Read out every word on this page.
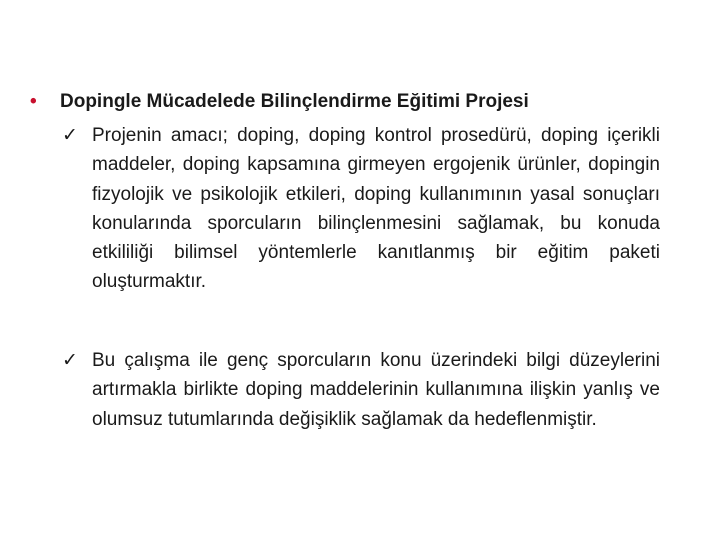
• Dopingle Mücadelede Bilinçlendirme Eğitimi Projesi
✓ Projenin amacı; doping, doping kontrol prosedürü, doping içerikli maddeler, doping kapsamına girmeyen ergojenik ürünler, dopingin fizyolojik ve psikolojik etkileri, doping kullanımının yasal sonuçları konularında sporcuların bilinçlenmesini sağlamak, bu konuda etkililiği bilimsel yöntemlerle kanıtlanmış bir eğitim paketi oluşturmaktır.
✓ Bu çalışma ile genç sporcuların konu üzerindeki bilgi düzeylerini artırmakla birlikte doping maddelerinin kullanımına ilişkin yanlış ve olumsuz tutumlarında değişiklik sağlamak da hedeflenmiştir.
